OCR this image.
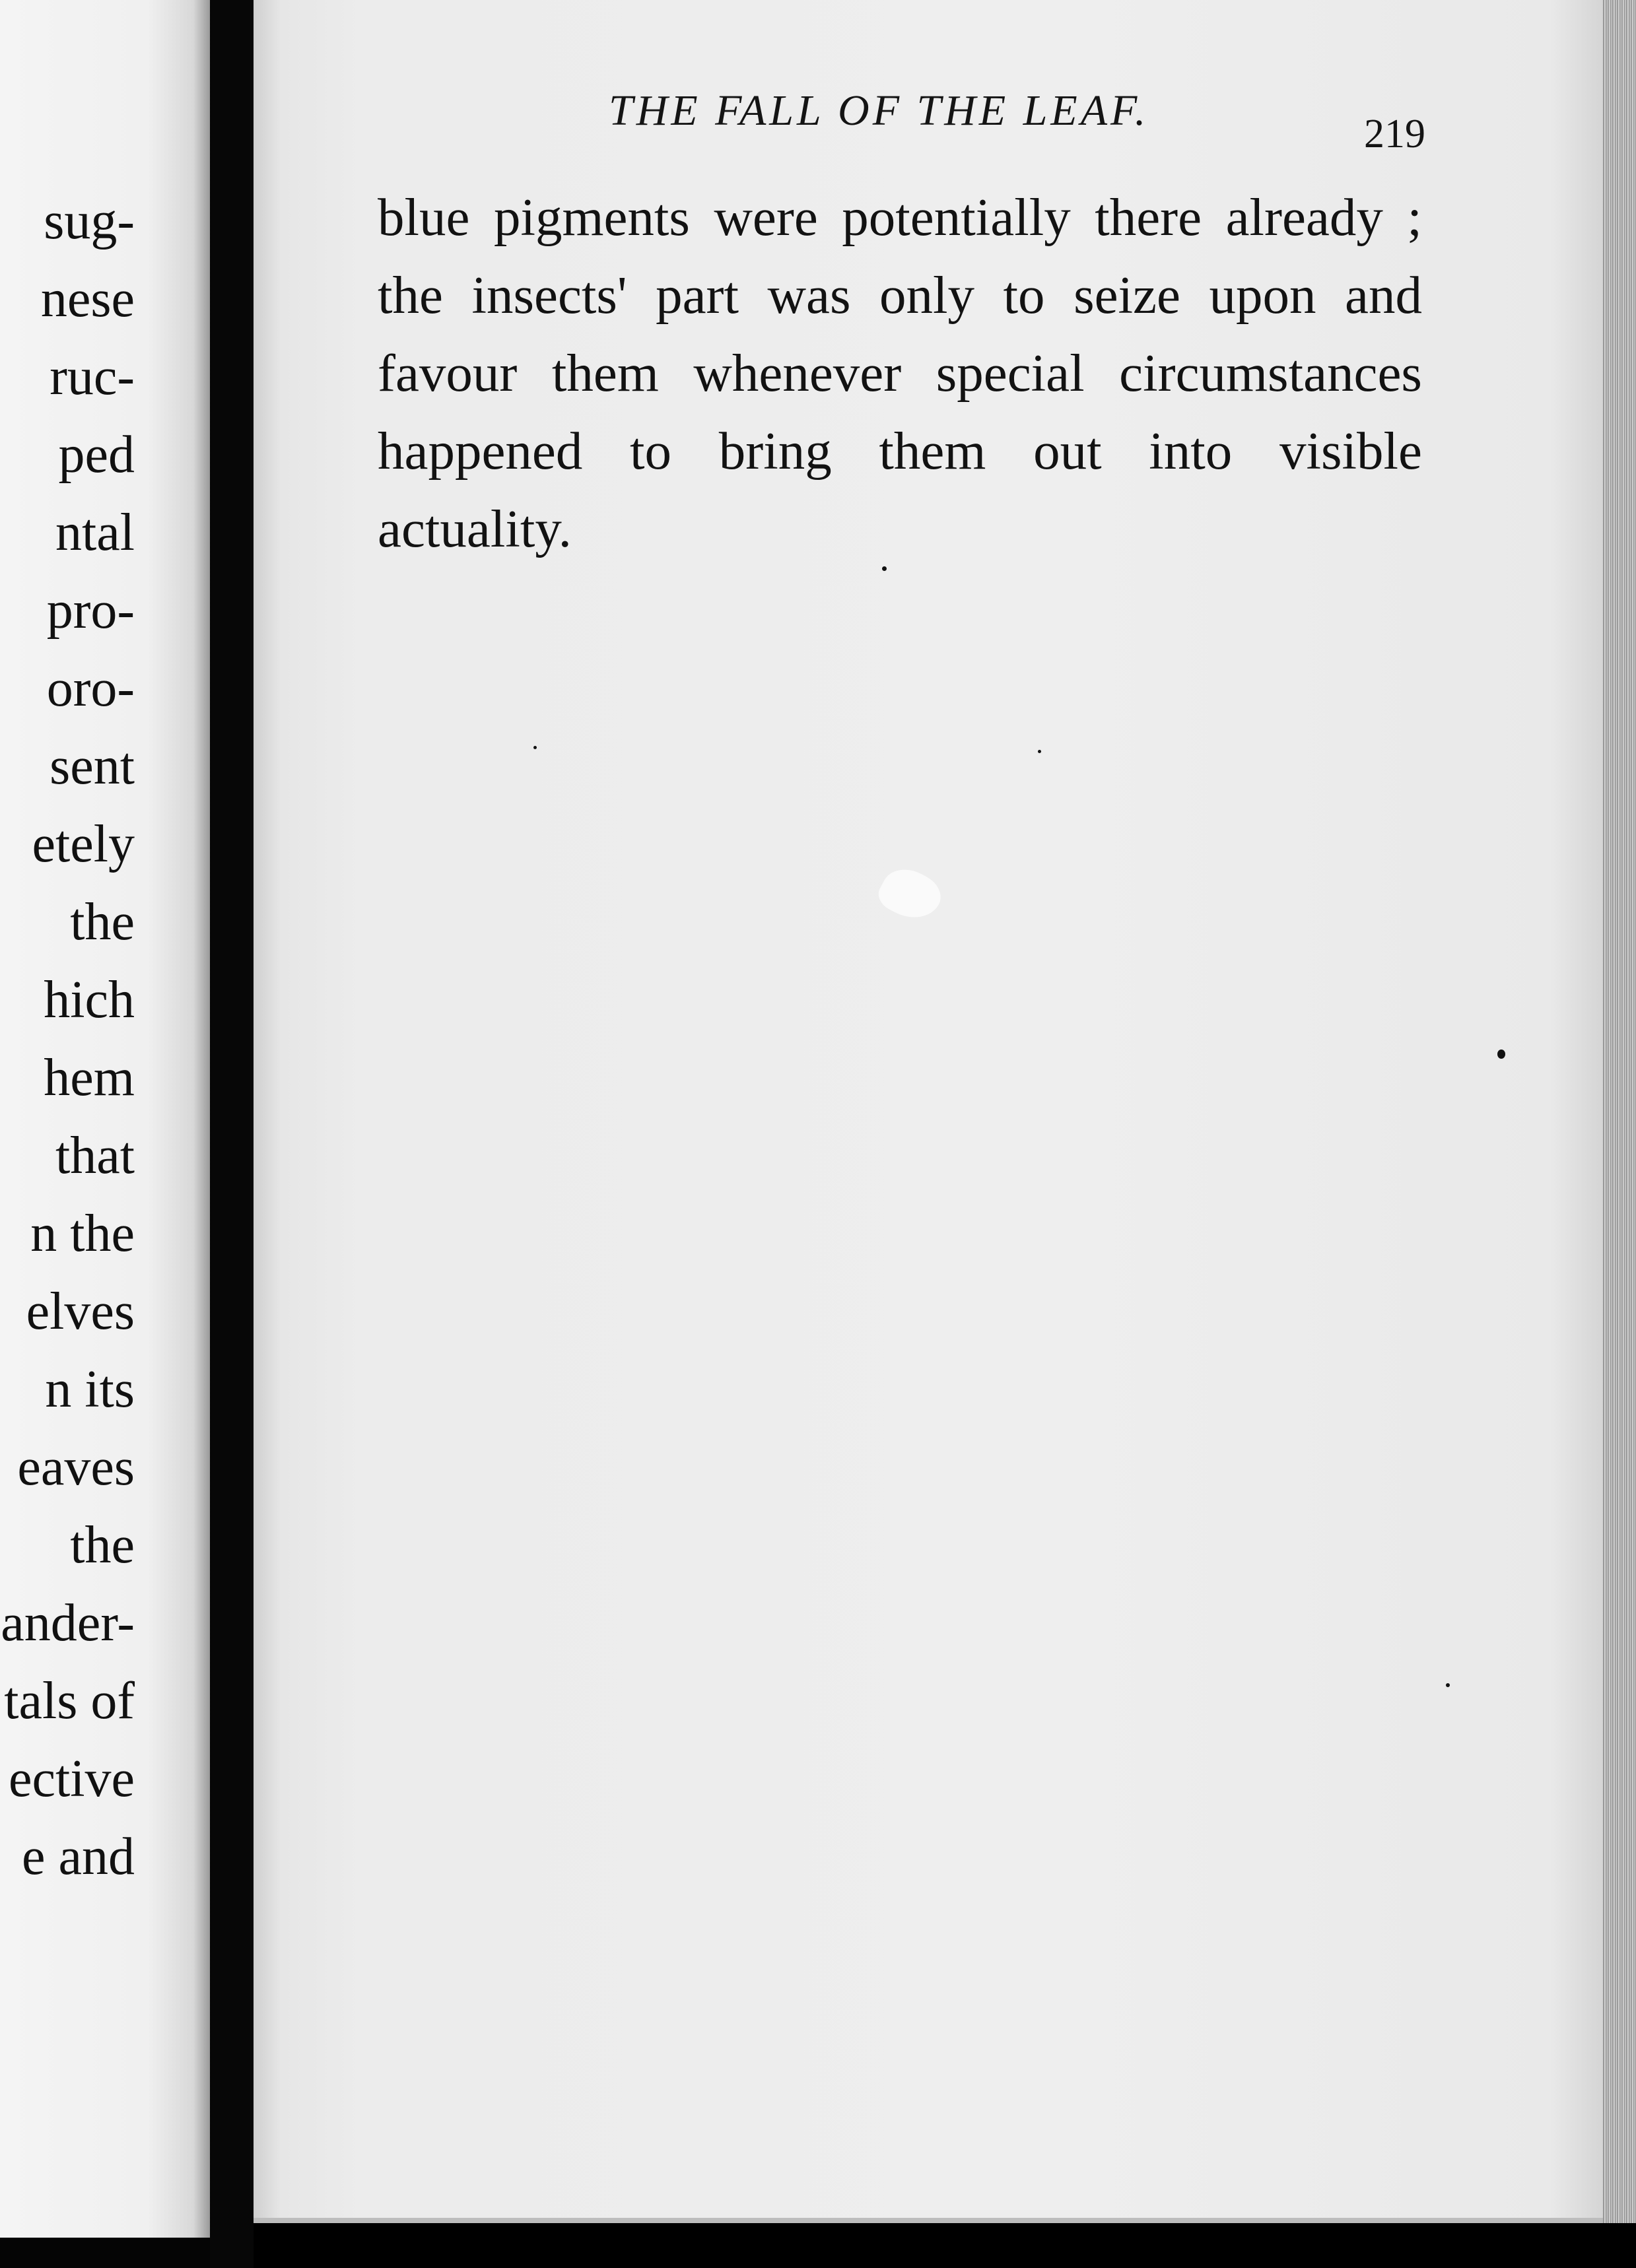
sug-
nese
ruc-
ped
ntal
pro-
oro-
sent
etely
the
hich
hem
that
n the
elves
n its
eaves
the
ander-
tals of
ective
e and
THE FALL OF THE LEAF.	219
blue pigments were potentially there already ;
the insects' part was only to seize upon and
favour them whenever special circumstances
happened to bring them out into visible
actuality.
